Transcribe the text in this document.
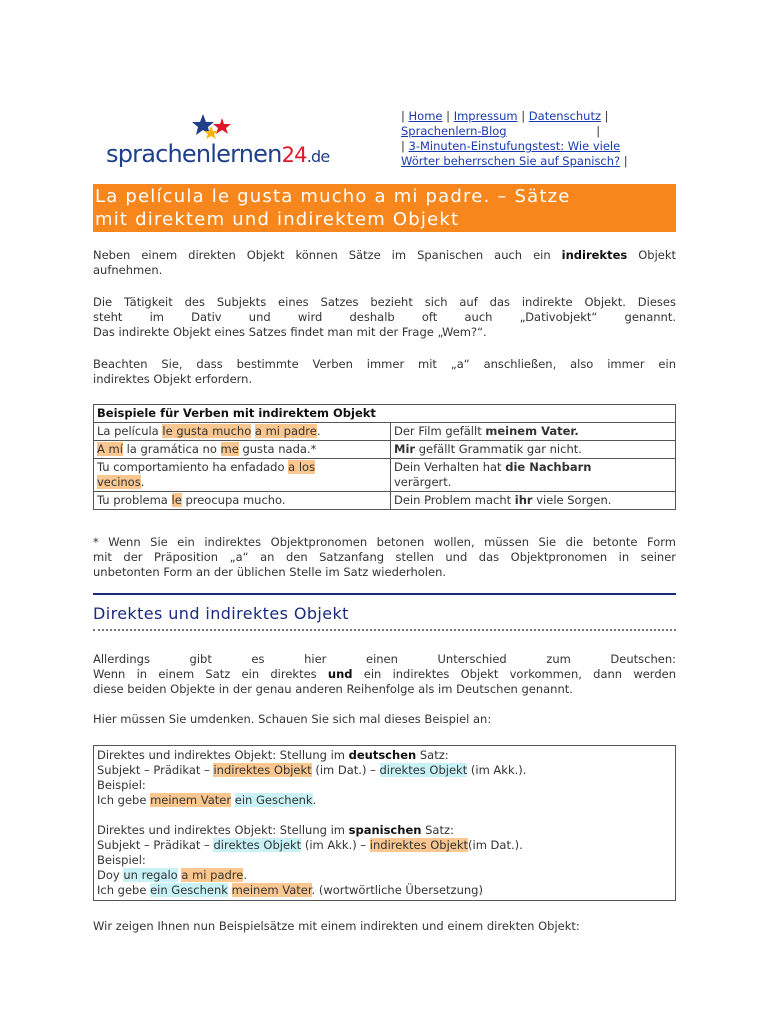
sprachenlernen24.de
| Home | Impressum | Datenschutz |
Sprachenlern-Blog	|
| 3-Minuten-Einstufungstest: Wie viele
Wörter beherrschen Sie auf Spanisch? |
La película le gusta mucho a mi padre. – Sätze
mit direktem und indirektem Objekt

Neben einem direkten Objekt können Sätze im Spanischen auch ein indirektes Objekt
aufnehmen.

Die Tätigkeit des Subjekts eines Satzes bezieht sich auf das indirekte Objekt. Dieses
steht im Dativ und wird deshalb oft auch „Dativobjekt“ genannt.
Das indirekte Objekt eines Satzes findet man mit der Frage „Wem?“.

Beachten Sie, dass bestimmte Verben immer mit „a“ anschließen, also immer ein
indirektes Objekt erfordern.

Beispiele für Verben mit indirektem Objekt	
La película le gusta mucho a mi padre.	Der Film gefällt meinem Vater.
A mí la gramática no me gusta nada.*	Mir gefällt Grammatik gar nicht.
Tu comportamiento ha enfadado a los
vecinos.	Dein Verhalten hat die Nachbarn
verärgert.
Tu problema le preocupa mucho.	Dein Problem macht ihr viele Sorgen.

* Wenn Sie ein indirektes Objektpronomen betonen wollen, müssen Sie die betonte Form
mit der Präposition „a“ an den Satzanfang stellen und das Objektpronomen in seiner
unbetonten Form an der üblichen Stelle im Satz wiederholen.

Direktes und indirektes Objekt

Allerdings gibt es hier einen Unterschied zum Deutschen:
Wenn in einem Satz ein direktes und ein indirektes Objekt vorkommen, dann werden
diese beiden Objekte in der genau anderen Reihenfolge als im Deutschen genannt.

Hier müssen Sie umdenken. Schauen Sie sich mal dieses Beispiel an:

Direktes und indirektes Objekt: Stellung im deutschen Satz:
Subjekt – Prädikat – indirektes Objekt (im Dat.) – direktes Objekt (im Akk.).
Beispiel:
Ich gebe meinem Vater ein Geschenk.
Direktes und indirektes Objekt: Stellung im spanischen Satz:
Subjekt – Prädikat – direktes Objekt (im Akk.) – indirektes Objekt(im Dat.).
Beispiel:
Doy un regalo a mi padre.
Ich gebe ein Geschenk meinem Vater. (wortwörtliche Übersetzung)

Wir zeigen Ihnen nun Beispielsätze mit einem indirekten und einem direkten Objekt:
